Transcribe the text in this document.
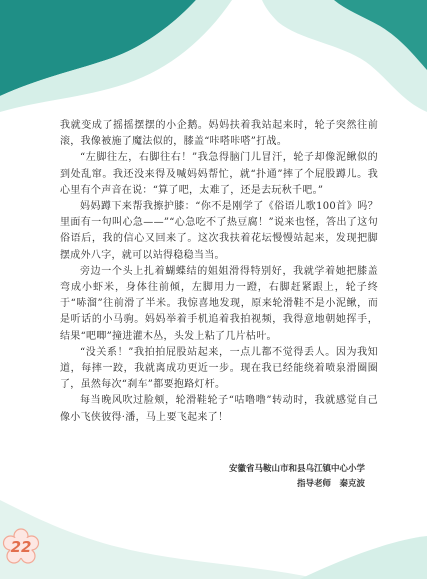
我就变成了摇摇摆摆的小企鹅。妈妈扶着我站起来时，轮子突然往前滚，我像被施了魔法似的，膝盖“咔嗒咔嗒”打战。

“左脚往左，右脚往右！”我急得脑门儿冒汗，轮子却像泥鳅似的到处乱窜。我还没来得及喊妈妈帮忙，就“扑通”摔了个屁股蹲儿。我心里有个声音在说：“算了吧，太难了，还是去玩秋千吧。”

妈妈蹲下来帮我擦护膝：“你不是刚学了《俗语儿歌100首》吗？里面有一句叫心急——”“心急吃不了热豆腐！”说来也怪，答出了这句俗语后，我的信心又回来了。这次我扶着花坛慢慢站起来，发现把脚摆成外八字，就可以站得稳稳当当。

旁边一个头上扎着蝴蝶结的姐姐滑得特别好，我就学着她把膝盖弯成小虾米，身体往前倾，左脚用力一蹬，右脚赶紧跟上，轮子终于“哧溜”往前滑了半米。我惊喜地发现，原来轮滑鞋不是小泥鳅，而是听话的小马驹。妈妈举着手机追着我拍视频，我得意地朝她挥手，结果“吧唧”撞进灌木丛，头发上粘了几片枯叶。

“没关系！”我拍拍屁股站起来，一点儿都不觉得丢人。因为我知道，每摔一跤，我就离成功更近一步。现在我已经能绕着喷泉滑圈圈了，虽然每次“刹车”都要抱路灯杆。

每当晚风吹过脸颊，轮滑鞋轮子“咕噜噜”转动时，我就感觉自己像小飞侠彼得·潘，马上要飞起来了！

安徽省马鞍山市和县乌江镇中心小学
指导老师　秦克波
22
